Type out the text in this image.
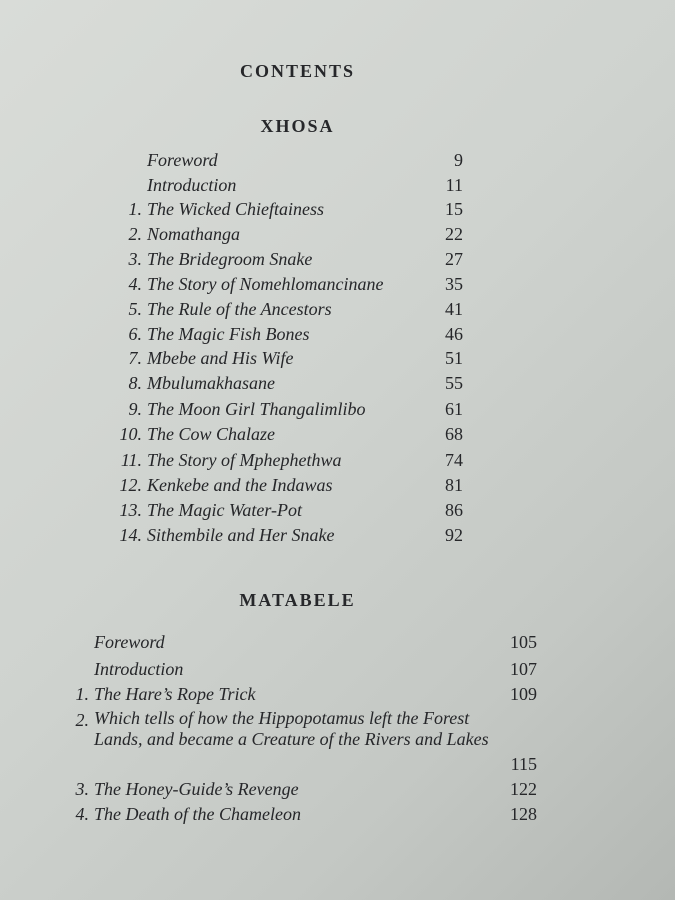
CONTENTS
XHOSA
Foreword	9
Introduction	11
1. The Wicked Chieftainess	15
2. Nomathanga	22
3. The Bridegroom Snake	27
4. The Story of Nomehlomancinane	35
5. The Rule of the Ancestors	41
6. The Magic Fish Bones	46
7. Mbebe and His Wife	51
8. Mbulumakhasane	55
9. The Moon Girl Thangalimlibo	61
10. The Cow Chalaze	68
11. The Story of Mphephethwa	74
12. Kenkebe and the Indawas	81
13. The Magic Water-Pot	86
14. Sithembile and Her Snake	92
MATABELE
Foreword	105
Introduction	107
1. The Hare’s Rope Trick	109
2. Which tells of how the Hippopotamus left the Forest Lands, and became a Creature of the Rivers and Lakes
115
3. The Honey-Guide’s Revenge	122
4. The Death of the Chameleon	128
